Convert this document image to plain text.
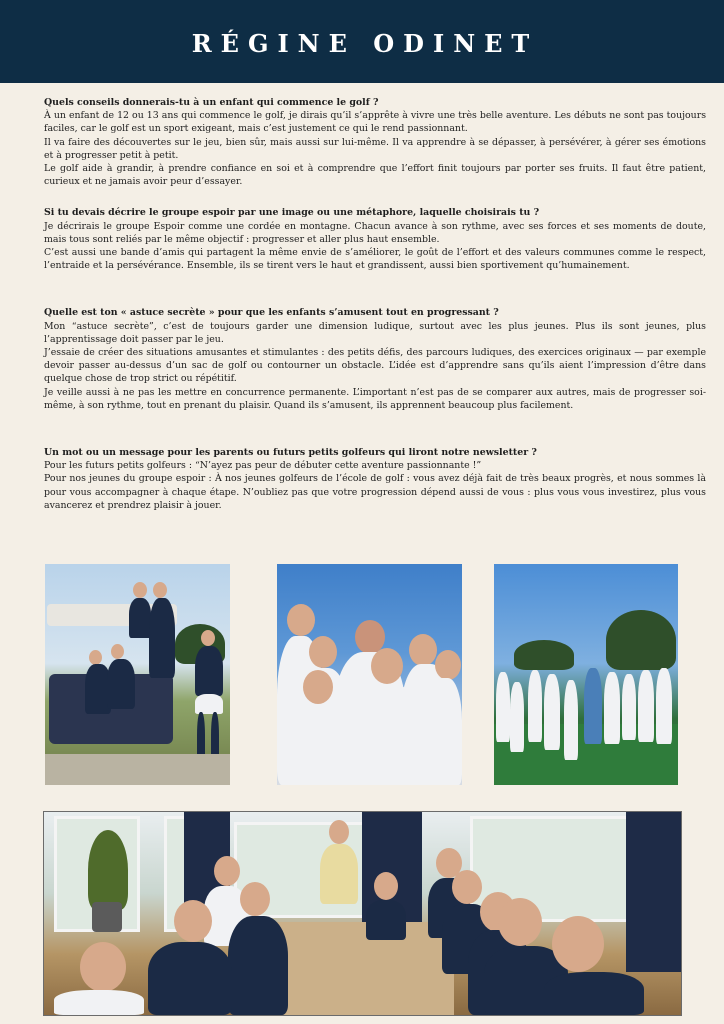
RÉGINE ODINET

Quels conseils donnerais-tu à un enfant qui commence le golf ?

À un enfant de 12 ou 13 ans qui commence le golf, je dirais qu’il s’apprête à vivre une très belle aventure. Les débuts ne sont pas toujours faciles, car le golf est un sport exigeant, mais c’est justement ce qui le rend passionnant.

Il va faire des découvertes sur le jeu, bien sûr, mais aussi sur lui-même. Il va apprendre à se dépasser, à persévérer, à gérer ses émotions et à progresser petit à petit.

Le golf aide à grandir, à prendre confiance en soi et à comprendre que l’effort finit toujours par porter ses fruits. Il faut être patient, curieux et ne jamais avoir peur d’essayer.

Si tu devais décrire le groupe espoir par une image ou une métaphore, laquelle choisirais tu ?

Je décrirais le groupe Espoir comme une cordée en montagne. Chacun avance à son rythme, avec ses forces et ses moments de doute, mais tous sont reliés par le même objectif : progresser et aller plus haut ensemble.

C’est aussi une bande d’amis qui partagent la même envie de s’améliorer, le goût de l’effort et des valeurs communes comme le respect, l’entraide et la persévérance. Ensemble, ils se tirent vers le haut et grandissent, aussi bien sportivement qu’humainement.

Quelle est ton « astuce secrète » pour que les enfants s’amusent tout en progressant ?

Mon “astuce secrète”, c’est de toujours garder une dimension ludique, surtout avec les plus jeunes. Plus ils sont jeunes, plus l’apprentissage doit passer par le jeu.

J’essaie de créer des situations amusantes et stimulantes : des petits défis, des parcours ludiques, des exercices originaux — par exemple devoir passer au-dessus d’un sac de golf ou contourner un obstacle. L’idée est d’apprendre sans qu’ils aient l’impression d’être dans quelque chose de trop strict ou répétitif.

Je veille aussi à ne pas les mettre en concurrence permanente. L’important n’est pas de se comparer aux autres, mais de progresser soi-même, à son rythme, tout en prenant du plaisir. Quand ils s’amusent, ils apprennent beaucoup plus facilement.

Un mot ou un message pour les parents ou futurs petits golfeurs qui liront notre newsletter ?

Pour les futurs petits golfeurs : “N’ayez pas peur de débuter cette aventure passionnante !”

Pour nos jeunes du groupe espoir : À nos jeunes golfeurs de l’école de golf : vous avez déjà fait de très beaux progrès, et nous sommes là pour vous accompagner à chaque étape. N’oubliez pas que votre progression dépend aussi de vous : plus vous vous investirez, plus vous avancerez et prendrez plaisir à jouer.
